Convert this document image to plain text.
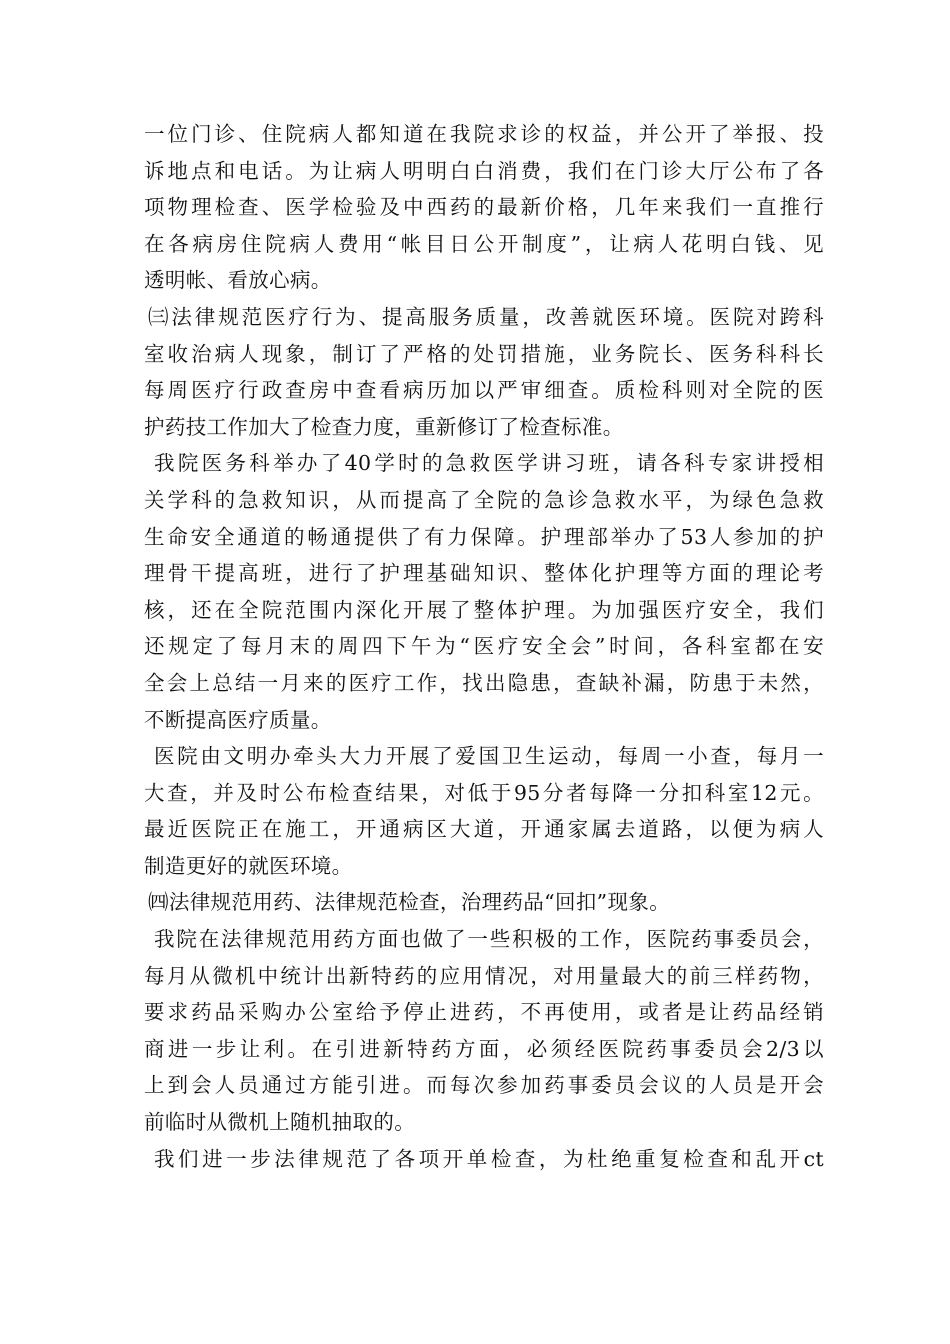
一位门诊、住院病人都知道在我院求诊的权益，并公开了举报、投
诉地点和电话。为让病人明明白白消费，我们在门诊大厅公布了各
项物理检查、医学检验及中西药的最新价格，几年来我们一直推行
在各病房住院病人费用“帐目日公开制度”，让病人花明白钱、见
透明帐、看放心病。
㈢法律规范医疗行为、提高服务质量，改善就医环境。医院对跨科
室收治病人现象，制订了严格的处罚措施，业务院长、医务科科长
每周医疗行政查房中查看病历加以严审细查。质检科则对全院的医
护药技工作加大了检查力度，重新修订了检查标准。
我院医务科举办了40学时的急救医学讲习班，请各科专家讲授相
关学科的急救知识，从而提高了全院的急诊急救水平，为绿色急救
生命安全通道的畅通提供了有力保障。护理部举办了53人参加的护
理骨干提高班，进行了护理基础知识、整体化护理等方面的理论考
核，还在全院范围内深化开展了整体护理。为加强医疗安全，我们
还规定了每月末的周四下午为“医疗安全会”时间，各科室都在安
全会上总结一月来的医疗工作，找出隐患，查缺补漏，防患于未然，
不断提高医疗质量。
医院由文明办牵头大力开展了爱国卫生运动，每周一小查，每月一
大查，并及时公布检查结果，对低于95分者每降一分扣科室12元。
最近医院正在施工，开通病区大道，开通家属去道路，以便为病人
制造更好的就医环境。
㈣法律规范用药、法律规范检查，治理药品“回扣”现象。
我院在法律规范用药方面也做了一些积极的工作，医院药事委员会，
每月从微机中统计出新特药的应用情况，对用量最大的前三样药物，
要求药品采购办公室给予停止进药，不再使用，或者是让药品经销
商进一步让利。在引进新特药方面，必须经医院药事委员会2/3以
上到会人员通过方能引进。而每次参加药事委员会议的人员是开会
前临时从微机上随机抽取的。
我们进一步法律规范了各项开单检查，为杜绝重复检查和乱开ct
